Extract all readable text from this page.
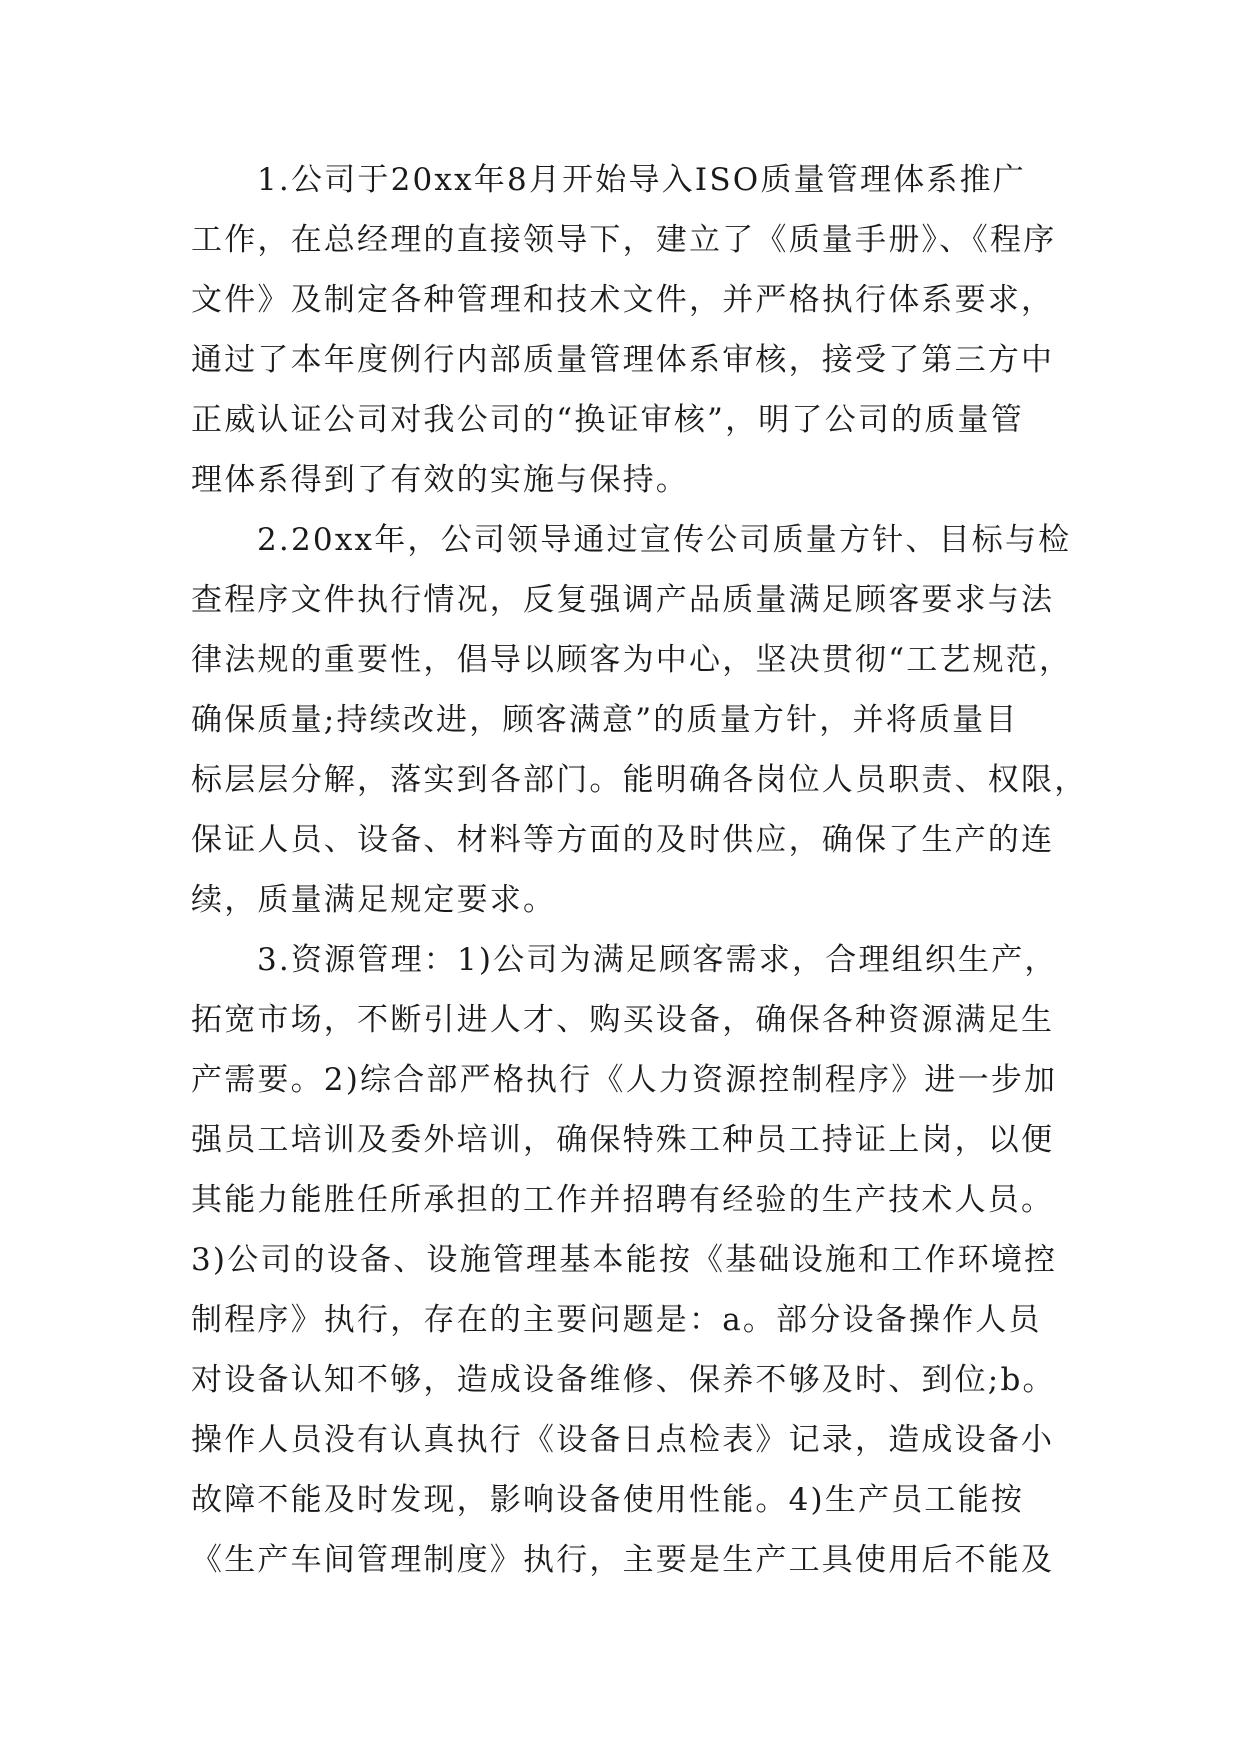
1.公司于20xx年8月开始导入ISO质量管理体系推广
工作，在总经理的直接领导下，建立了《质量手册》、《程序
文件》及制定各种管理和技术文件，并严格执行体系要求，
通过了本年度例行内部质量管理体系审核，接受了第三方中
正威认证公司对我公司的“换证审核”，明了公司的质量管
理体系得到了有效的实施与保持。
2.20xx年，公司领导通过宣传公司质量方针、目标与检
查程序文件执行情况，反复强调产品质量满足顾客要求与法
律法规的重要性，倡导以顾客为中心，坚决贯彻“工艺规范，
确保质量;持续改进，顾客满意”的质量方针，并将质量目
标层层分解，落实到各部门。能明确各岗位人员职责、权限，
保证人员、设备、材料等方面的及时供应，确保了生产的连
续，质量满足规定要求。
3.资源管理：1)公司为满足顾客需求，合理组织生产，
拓宽市场，不断引进人才、购买设备，确保各种资源满足生
产需要。2)综合部严格执行《人力资源控制程序》进一步加
强员工培训及委外培训，确保特殊工种员工持证上岗，以便
其能力能胜任所承担的工作并招聘有经验的生产技术人员。
3)公司的设备、设施管理基本能按《基础设施和工作环境控
制程序》执行，存在的主要问题是：a。部分设备操作人员
对设备认知不够，造成设备维修、保养不够及时、到位;b。
操作人员没有认真执行《设备日点检表》记录，造成设备小
故障不能及时发现，影响设备使用性能。4)生产员工能按
《生产车间管理制度》执行，主要是生产工具使用后不能及
